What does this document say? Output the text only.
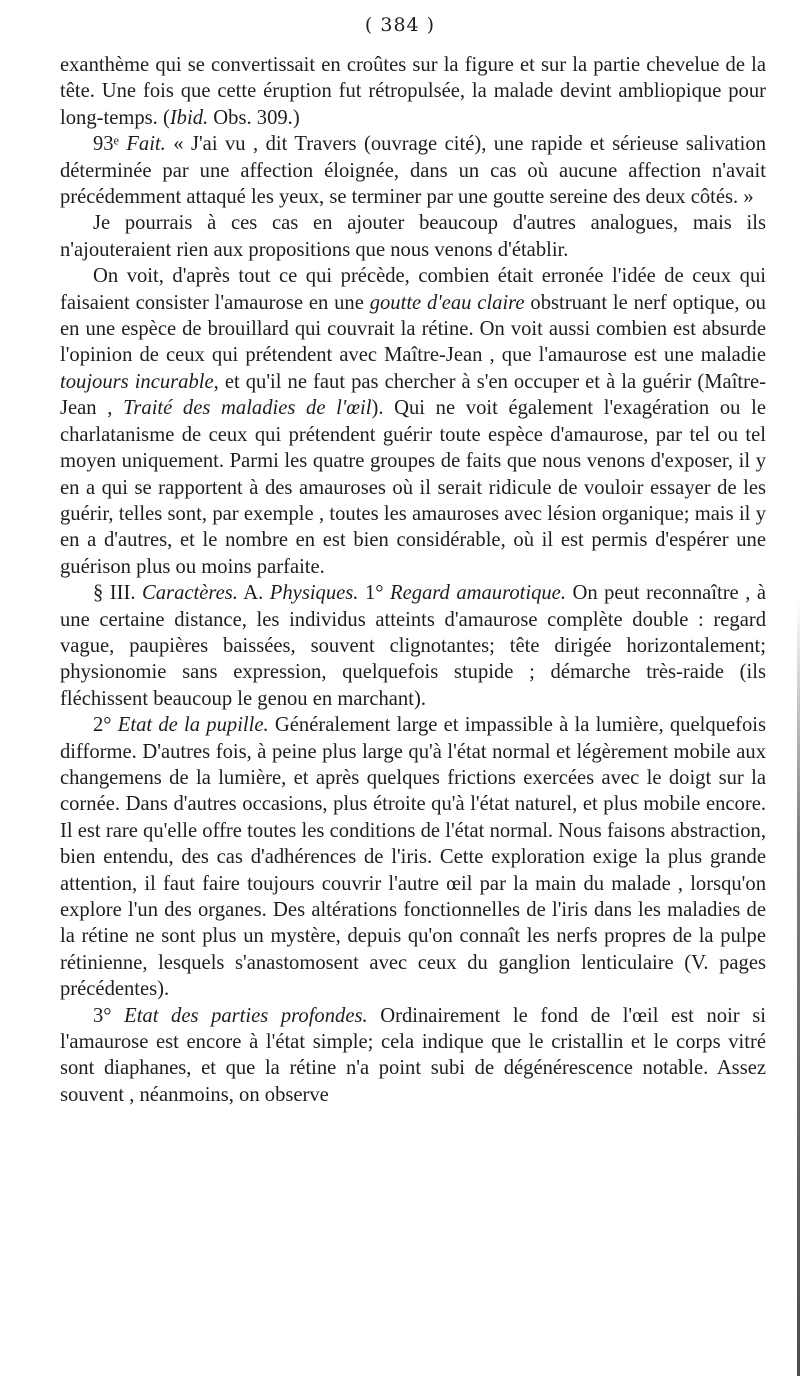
( 384 )

exanthème qui se convertissait en croûtes sur la figure et sur la partie chevelue de la tête. Une fois que cette éruption fut rétropulsée, la malade devint ambliopique pour long-temps. (Ibid. Obs. 309.)

93ᵉ Fait. « J'ai vu , dit Travers (ouvrage cité), une rapide et sérieuse salivation déterminée par une affection éloignée, dans un cas où aucune affection n'avait précédemment attaqué les yeux, se terminer par une goutte sereine des deux côtés. »

Je pourrais à ces cas en ajouter beaucoup d'autres analogues, mais ils n'ajouteraient rien aux propositions que nous venons d'établir.

On voit, d'après tout ce qui précède, combien était erronée l'idée de ceux qui faisaient consister l'amaurose en une goutte d'eau claire obstruant le nerf optique, ou en une espèce de brouillard qui couvrait la rétine. On voit aussi combien est absurde l'opinion de ceux qui prétendent avec Maître-Jean , que l'amaurose est une maladie toujours incurable, et qu'il ne faut pas chercher à s'en occuper et à la guérir (Maître-Jean , Traité des maladies de l'œil). Qui ne voit également l'exagération ou le charlatanisme de ceux qui prétendent guérir toute espèce d'amaurose, par tel ou tel moyen uniquement. Parmi les quatre groupes de faits que nous venons d'exposer, il y en a qui se rapportent à des amauroses où il serait ridicule de vouloir essayer de les guérir, telles sont, par exemple , toutes les amauroses avec lésion organique; mais il y en a d'autres, et le nombre en est bien considérable, où il est permis d'espérer une guérison plus ou moins parfaite.

§ III. Caractères. A. Physiques. 1° Regard amaurotique. On peut reconnaître , à une certaine distance, les individus atteints d'amaurose complète double : regard vague, paupières baissées, souvent clignotantes; tête dirigée horizontalement; physionomie sans expression, quelquefois stupide ; démarche très-raide (ils fléchissent beaucoup le genou en marchant).

2° Etat de la pupille. Généralement large et impassible à la lumière, quelquefois difforme. D'autres fois, à peine plus large qu'à l'état normal et légèrement mobile aux changemens de la lumière, et après quelques frictions exercées avec le doigt sur la cornée. Dans d'autres occasions, plus étroite qu'à l'état naturel, et plus mobile encore. Il est rare qu'elle offre toutes les conditions de l'état normal. Nous faisons abstraction, bien entendu, des cas d'adhérences de l'iris. Cette exploration exige la plus grande attention, il faut faire toujours couvrir l'autre œil par la main du malade , lorsqu'on explore l'un des organes. Des altérations fonctionnelles de l'iris dans les maladies de la rétine ne sont plus un mystère, depuis qu'on connaît les nerfs propres de la pulpe rétinienne, lesquels s'anastomosent avec ceux du ganglion lenticulaire (V. pages précédentes).

3° Etat des parties profondes. Ordinairement le fond de l'œil est noir si l'amaurose est encore à l'état simple; cela indique que le cristallin et le corps vitré sont diaphanes, et que la rétine n'a point subi de dégénérescence notable. Assez souvent , néanmoins, on observe
